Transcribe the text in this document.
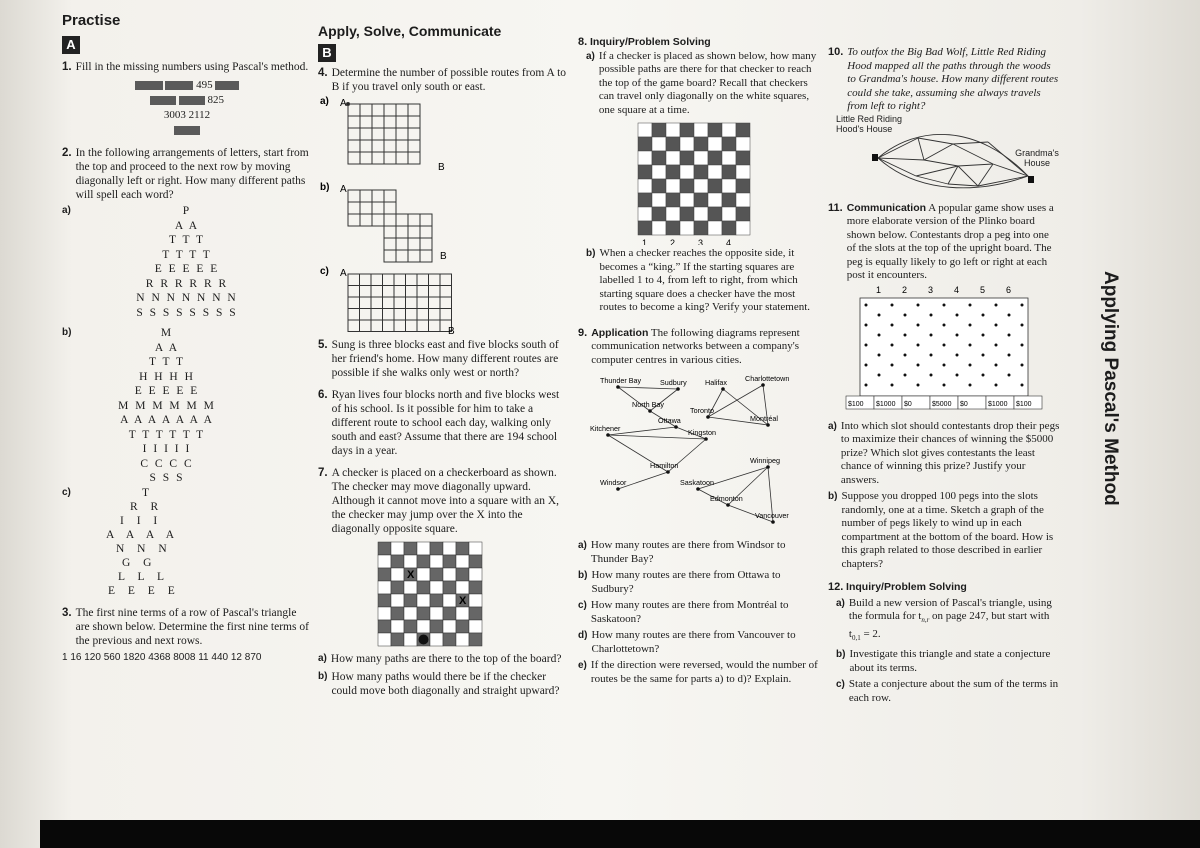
Practise
A
1. Fill in the missing numbers using Pascal's method.
495
825
3003 2112
2. In the following arrangements of letters, start from the top and proceed to the next row by moving diagonally left or right. How many different paths will spell each word?
a)	P
A A
T T T
T T T T
E E E E E
R R R R R R
N N N N N N N
S S S S S S S S
b)	M
A A
T T T
H H H H
E E E E E
M M M M M M
A A A A A A A
T T T T T T
I I I I I
C C C C
S S S
c)	T
R R
I I I
A A A A
N N N
G G
L L L
E E E E
3. The first nine terms of a row of Pascal's triangle are shown below. Determine the first nine terms of the previous and next rows.
1 16 120 560 1820 4368 8008 11 440 12 870
Apply, Solve, Communicate
B
4. Determine the number of possible routes from A to B if you travel only south or east.
a) A
B
b) A
B
c) A
B
5. Sung is three blocks east and five blocks south of her friend's home. How many different routes are possible if she walks only west or north?
6. Ryan lives four blocks north and five blocks west of his school. Is it possible for him to take a different route to school each day, walking only south and east? Assume that there are 194 school days in a year.
7. A checker is placed on a checkerboard as shown. The checker may move diagonally upward. Although it cannot move into a square with an X, the checker may jump over the X into the diagonally opposite square.
X
X
a) How many paths are there to the top of the board?
b) How many paths would there be if the checker could move both diagonally and straight upward?
8. Inquiry/Problem Solving
a) If a checker is placed as shown below, how many possible paths are there for that checker to reach the top of the game board? Recall that checkers can travel only diagonally on the white squares, one square at a time.
1	2	3	4
b) When a checker reaches the opposite side, it becomes a “king.” If the starting squares are labelled 1 to 4, from left to right, from which starting square does a checker have the most routes to become a king? Verify your statement.
9. Application The following diagrams represent communication networks between a company's computer centres in various cities.
Thunder Bay	Sudbury	Halifax	Charlottetown
North Bay
Toronto
Ottawa	Montréal
Kitchener	Kingston
Winnipeg
Hamilton
Windsor	Saskatoon
Edmonton
Vancouver
a) How many routes are there from Windsor to Thunder Bay?
b) How many routes are there from Ottawa to Sudbury?
c) How many routes are there from Montréal to Saskatoon?
d) How many routes are there from Vancouver to Charlottetown?
e) If the direction were reversed, would the number of routes be the same for parts a) to d)? Explain.
10. To outfox the Big Bad Wolf, Little Red Riding Hood mapped all the paths through the woods to Grandma's house. How many different routes could she take, assuming she always travels from left to right?
Little Red Riding Hood's House
Grandma's House
11. Communication A popular game show uses a more elaborate version of the Plinko board shown below. Contestants drop a peg into one of the slots at the top of the upright board. The peg is equally likely to go left or right at each post it encounters.
1 2 3 4 5 6
$100 $1000 $0	$5000 $0	$1000 $100
a) Into which slot should contestants drop their pegs to maximize their chances of winning the $5000 prize? Which slot gives contestants the least chance of winning this prize? Justify your answers.
b) Suppose you dropped 100 pegs into the slots randomly, one at a time. Sketch a graph of the number of pegs likely to wind up in each compartment at the bottom of the board. How is this graph related to those described in earlier chapters?
12. Inquiry/Problem Solving
a) Build a new version of Pascal's triangle, using the formula for $t_{n,r}$ on page 247, but start with $t_{0,1} = 2$.
b) Investigate this triangle and state a conjecture about its terms.
c) State a conjecture about the sum of the terms in each row.
Applying Pascal's Method
